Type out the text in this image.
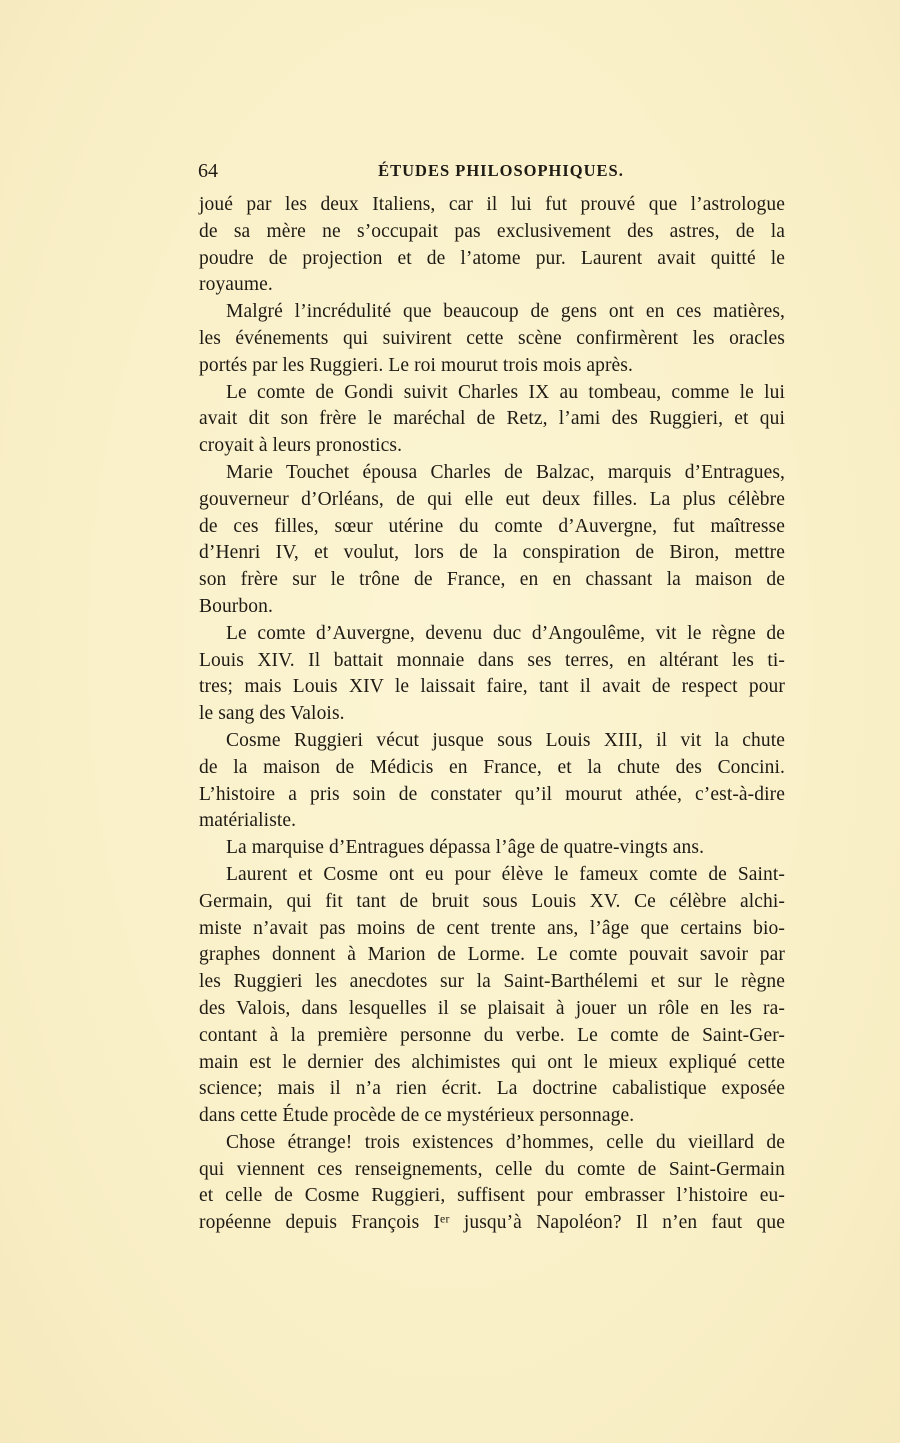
64	ÉTUDES PHILOSOPHIQUES.
joué par les deux Italiens, car il lui fut prouvé que l’astrologue
de sa mère ne s’occupait pas exclusivement des astres, de la
poudre de projection et de l’atome pur. Laurent avait quitté le
royaume.
Malgré l’incrédulité que beaucoup de gens ont en ces matières,
les événements qui suivirent cette scène confirmèrent les oracles
portés par les Ruggieri. Le roi mourut trois mois après.
Le comte de Gondi suivit Charles IX au tombeau, comme le lui
avait dit son frère le maréchal de Retz, l’ami des Ruggieri, et qui
croyait à leurs pronostics.
Marie Touchet épousa Charles de Balzac, marquis d’Entragues,
gouverneur d’Orléans, de qui elle eut deux filles. La plus célèbre
de ces filles, sœur utérine du comte d’Auvergne, fut maîtresse
d’Henri IV, et voulut, lors de la conspiration de Biron, mettre
son frère sur le trône de France, en en chassant la maison de
Bourbon.
Le comte d’Auvergne, devenu duc d’Angoulême, vit le règne de
Louis XIV. Il battait monnaie dans ses terres, en altérant les ti-
tres; mais Louis XIV le laissait faire, tant il avait de respect pour
le sang des Valois.
Cosme Ruggieri vécut jusque sous Louis XIII, il vit la chute
de la maison de Médicis en France, et la chute des Concini.
L’histoire a pris soin de constater qu’il mourut athée, c’est-à-dire
matérialiste.
La marquise d’Entragues dépassa l’âge de quatre-vingts ans.
Laurent et Cosme ont eu pour élève le fameux comte de Saint-
Germain, qui fit tant de bruit sous Louis XV. Ce célèbre alchi-
miste n’avait pas moins de cent trente ans, l’âge que certains bio-
graphes donnent à Marion de Lorme. Le comte pouvait savoir par
les Ruggieri les anecdotes sur la Saint-Barthélemi et sur le règne
des Valois, dans lesquelles il se plaisait à jouer un rôle en les ra-
contant à la première personne du verbe. Le comte de Saint-Ger-
main est le dernier des alchimistes qui ont le mieux expliqué cette
science; mais il n’a rien écrit. La doctrine cabalistique exposée
dans cette Étude procède de ce mystérieux personnage.
Chose étrange! trois existences d’hommes, celle du vieillard de
qui viennent ces renseignements, celle du comte de Saint-Germain
et celle de Cosme Ruggieri, suffisent pour embrasser l’histoire eu-
ropéenne depuis François Iᵉʳ jusqu’à Napoléon? Il n’en faut que
